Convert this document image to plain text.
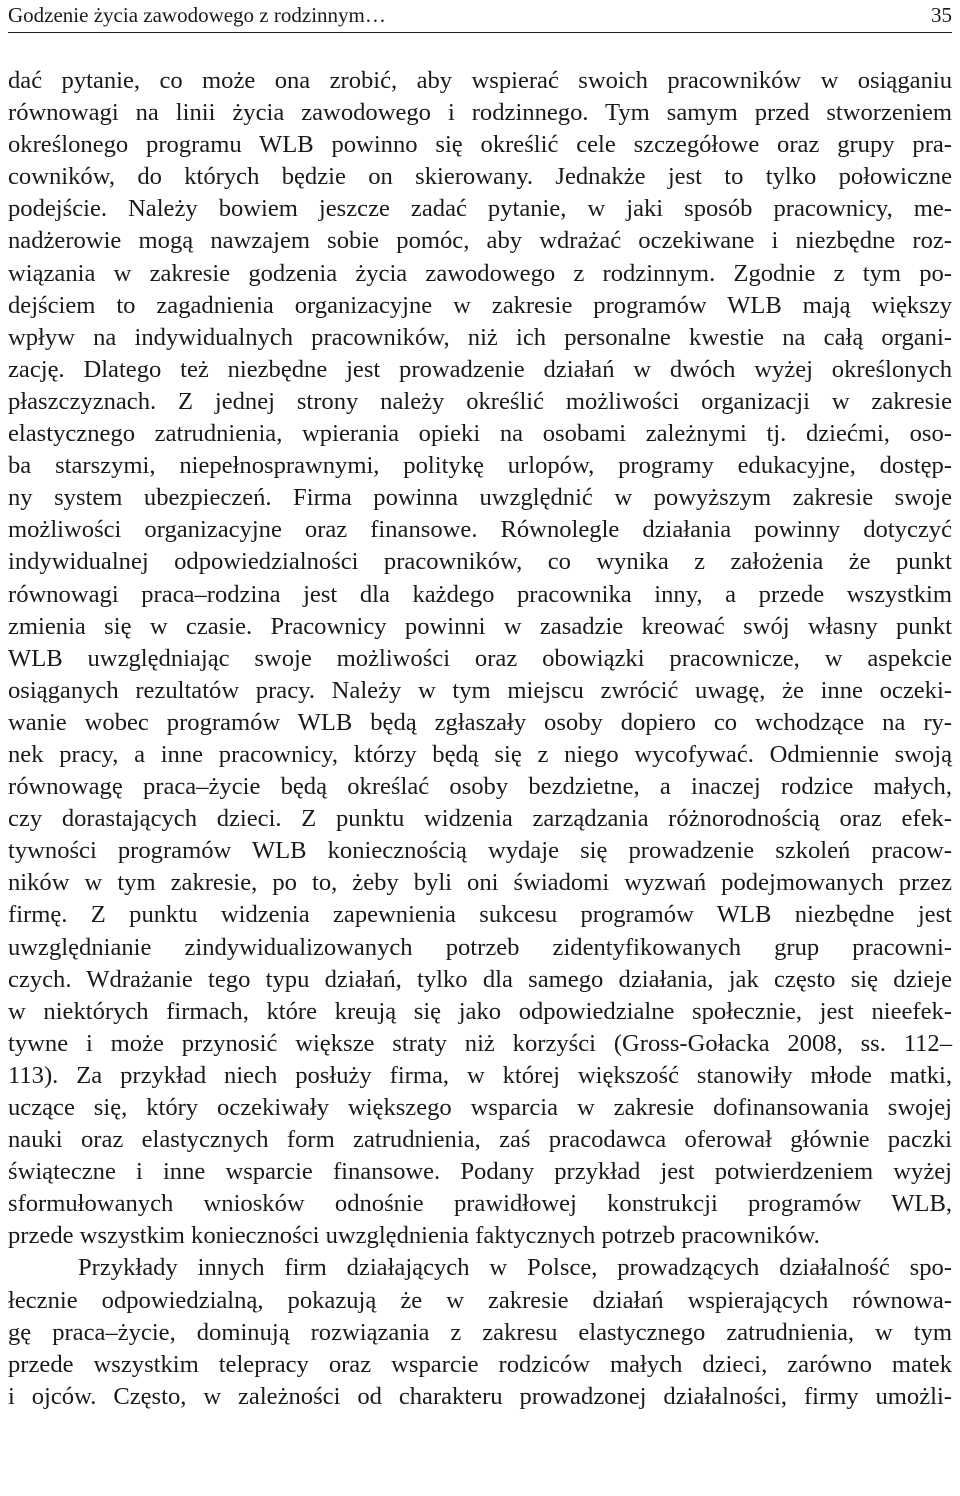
Godzenie życia zawodowego z rodzinnym…	35
dać pytanie, co może ona zrobić, aby wspierać swoich pracowników w osiąganiu
równowagi na linii życia zawodowego i rodzinnego. Tym samym przed stworzeniem
określonego programu WLB powinno się określić cele szczegółowe oraz grupy pra-
cowników, do których będzie on skierowany. Jednakże jest to tylko połowiczne
podejście. Należy bowiem jeszcze zadać pytanie, w jaki sposób pracownicy, me-
nadżerowie mogą nawzajem sobie pomóc, aby wdrażać oczekiwane i niezbędne roz-
wiązania w zakresie godzenia życia zawodowego z rodzinnym. Zgodnie z tym po-
dejściem to zagadnienia organizacyjne w zakresie programów WLB mają większy
wpływ na indywidualnych pracowników, niż ich personalne kwestie na całą organi-
zację. Dlatego też niezbędne jest prowadzenie działań w dwóch wyżej określonych
płaszczyznach. Z jednej strony należy określić możliwości organizacji w zakresie
elastycznego zatrudnienia, wpierania opieki na osobami zależnymi tj. dziećmi, oso-
ba starszymi, niepełnosprawnymi, politykę urlopów, programy edukacyjne, dostęp-
ny system ubezpieczeń. Firma powinna uwzględnić w powyższym zakresie swoje
możliwości organizacyjne oraz finansowe. Równolegle działania powinny dotyczyć
indywidualnej odpowiedzialności pracowników, co wynika z założenia że punkt
równowagi praca–rodzina jest dla każdego pracownika inny, a przede wszystkim
zmienia się w czasie. Pracownicy powinni w zasadzie kreować swój własny punkt
WLB uwzględniając swoje możliwości oraz obowiązki pracownicze, w aspekcie
osiąganych rezultatów pracy. Należy w tym miejscu zwrócić uwagę, że inne oczeki-
wanie wobec programów WLB będą zgłaszały osoby dopiero co wchodzące na ry-
nek pracy, a inne pracownicy, którzy będą się z niego wycofywać. Odmiennie swoją
równowagę praca–życie będą określać osoby bezdzietne, a inaczej rodzice małych,
czy dorastających dzieci. Z punktu widzenia zarządzania różnorodnością oraz efek-
tywności programów WLB koniecznością wydaje się prowadzenie szkoleń pracow-
ników w tym zakresie, po to, żeby byli oni świadomi wyzwań podejmowanych przez
firmę. Z punktu widzenia zapewnienia sukcesu programów WLB niezbędne jest
uwzględnianie zindywidualizowanych potrzeb zidentyfikowanych grup pracowni-
czych. Wdrażanie tego typu działań, tylko dla samego działania, jak często się dzieje
w niektórych firmach, które kreują się jako odpowiedzialne społecznie, jest nieefek-
tywne i może przynosić większe straty niż korzyści (Gross-Gołacka 2008, ss. 112–
113). Za przykład niech posłuży firma, w której większość stanowiły młode matki,
uczące się, który oczekiwały większego wsparcia w zakresie dofinansowania swojej
nauki oraz elastycznych form zatrudnienia, zaś pracodawca oferował głównie paczki
świąteczne i inne wsparcie finansowe. Podany przykład jest potwierdzeniem wyżej
sformułowanych wniosków odnośnie prawidłowej konstrukcji programów WLB,
przede wszystkim konieczności uwzględnienia faktycznych potrzeb pracowników.
Przykłady innych firm działających w Polsce, prowadzących działalność spo-
łecznie odpowiedzialną, pokazują że w zakresie działań wspierających równowa-
gę praca–życie, dominują rozwiązania z zakresu elastycznego zatrudnienia, w tym
przede wszystkim telepracy oraz wsparcie rodziców małych dzieci, zarówno matek
i ojców. Często, w zależności od charakteru prowadzonej działalności, firmy umożli-
